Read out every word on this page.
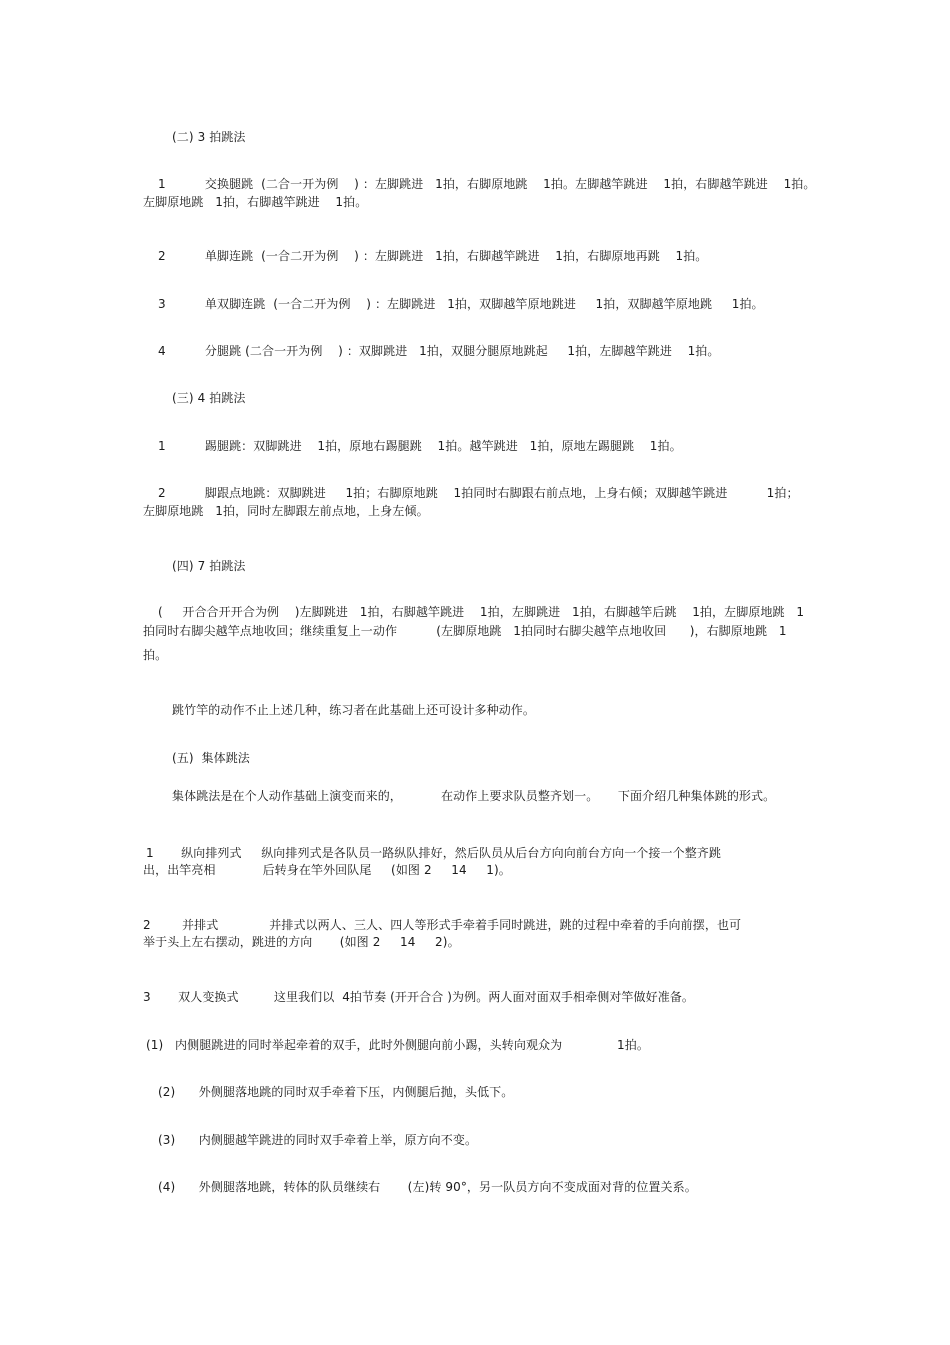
(二) 3 拍跳法
1          交换腿跳  (二合一开为例    ) ：左脚跳进   1拍，右脚原地跳    1拍。左脚越竿跳进    1拍，右脚越竿跳进    1拍。
左脚原地跳   1拍，右脚越竿跳进    1拍。
2          单脚连跳  (一合二开为例    ) ：左脚跳进   1拍，右脚越竿跳进    1拍，右脚原地再跳    1拍。
3          单双脚连跳  (一合二开为例    ) ：左脚跳进   1拍，双脚越竿原地跳进     1拍，双脚越竿原地跳     1拍。
4          分腿跳 (二合一开为例    ) ：双脚跳进   1拍，双腿分腿原地跳起     1拍，左脚越竿跳进    1拍。
(三) 4 拍跳法
1          踢腿跳：双脚跳进    1拍，原地右踢腿跳    1拍。越竿跳进   1拍，原地左踢腿跳    1拍。
2          脚跟点地跳：双脚跳进     1拍；右脚原地跳    1拍同时右脚跟右前点地，上身右倾；双脚越竿跳进          1拍；
左脚原地跳   1拍，同时左脚跟左前点地，上身左倾。
(四) 7 拍跳法
(     开合合开开合为例    )左脚跳进   1拍，右脚越竿跳进    1拍，左脚跳进   1拍，右脚越竿后跳    1拍，左脚原地跳   1
拍同时右脚尖越竿点地收回；继续重复上一动作          (左脚原地跳   1拍同时右脚尖越竿点地收回      )，右脚原地跳   1
拍。
跳竹竿的动作不止上述几种，练习者在此基础上还可设计多种动作。
(五)  集体跳法
集体跳法是在个人动作基础上演变而来的，          在动作上要求队员整齐划一。     下面介绍几种集体跳的形式。
1       纵向排列式     纵向排列式是各队员一路纵队排好，然后队员从后台方向向前台方向一个接一个整齐跳
出，出竿亮相            后转身在竿外回队尾     (如图 2     14     1)。
2        并排式             并排式以两人、三人、四人等形式手牵着手同时跳进，跳的过程中牵着的手向前摆，也可
举于头上左右摆动，跳进的方向       (如图 2     14     2)。
3       双人变换式         这里我们以  4拍节奏 (开开合合 )为例。两人面对面双手相牵侧对竿做好准备。
(1)   内侧腿跳进的同时举起牵着的双手，此时外侧腿向前小踢，头转向观众为              1拍。
(2)      外侧腿落地跳的同时双手牵着下压，内侧腿后抛，头低下。
(3)      内侧腿越竿跳进的同时双手牵着上举，原方向不变。
(4)      外侧腿落地跳，转体的队员继续右       (左)转 90°，另一队员方向不变成面对背的位置关系。
